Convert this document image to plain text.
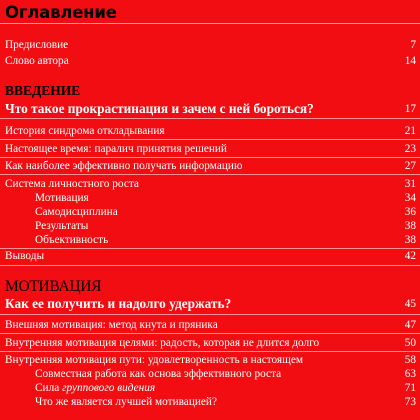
Оглавление
Предисловие	7
Слово автора	14
ВВЕДЕНИЕ
Что такое прокрастинация и зачем с ней бороться?	17
История синдрома откладывания	21
Настоящее время: паралич принятия решений	23
Как наиболее эффективно получать информацию	27
Система личностного роста	31
Мотивация	34
Самодисциплина	36
Результаты	38
Объективность	38
Выводы	42
МОТИВАЦИЯ
Как ее получить и надолго удержать?	45
Внешняя мотивация: метод кнута и пряника	47
Внутренняя мотивация целями: радость, которая не длится долго	50
Внутренняя мотивация пути: удовлетворенность в настоящем	58
Совместная работа как основа эффективного роста	63
Сила группового видения	71
Что же является лучшей мотивацией?	73
